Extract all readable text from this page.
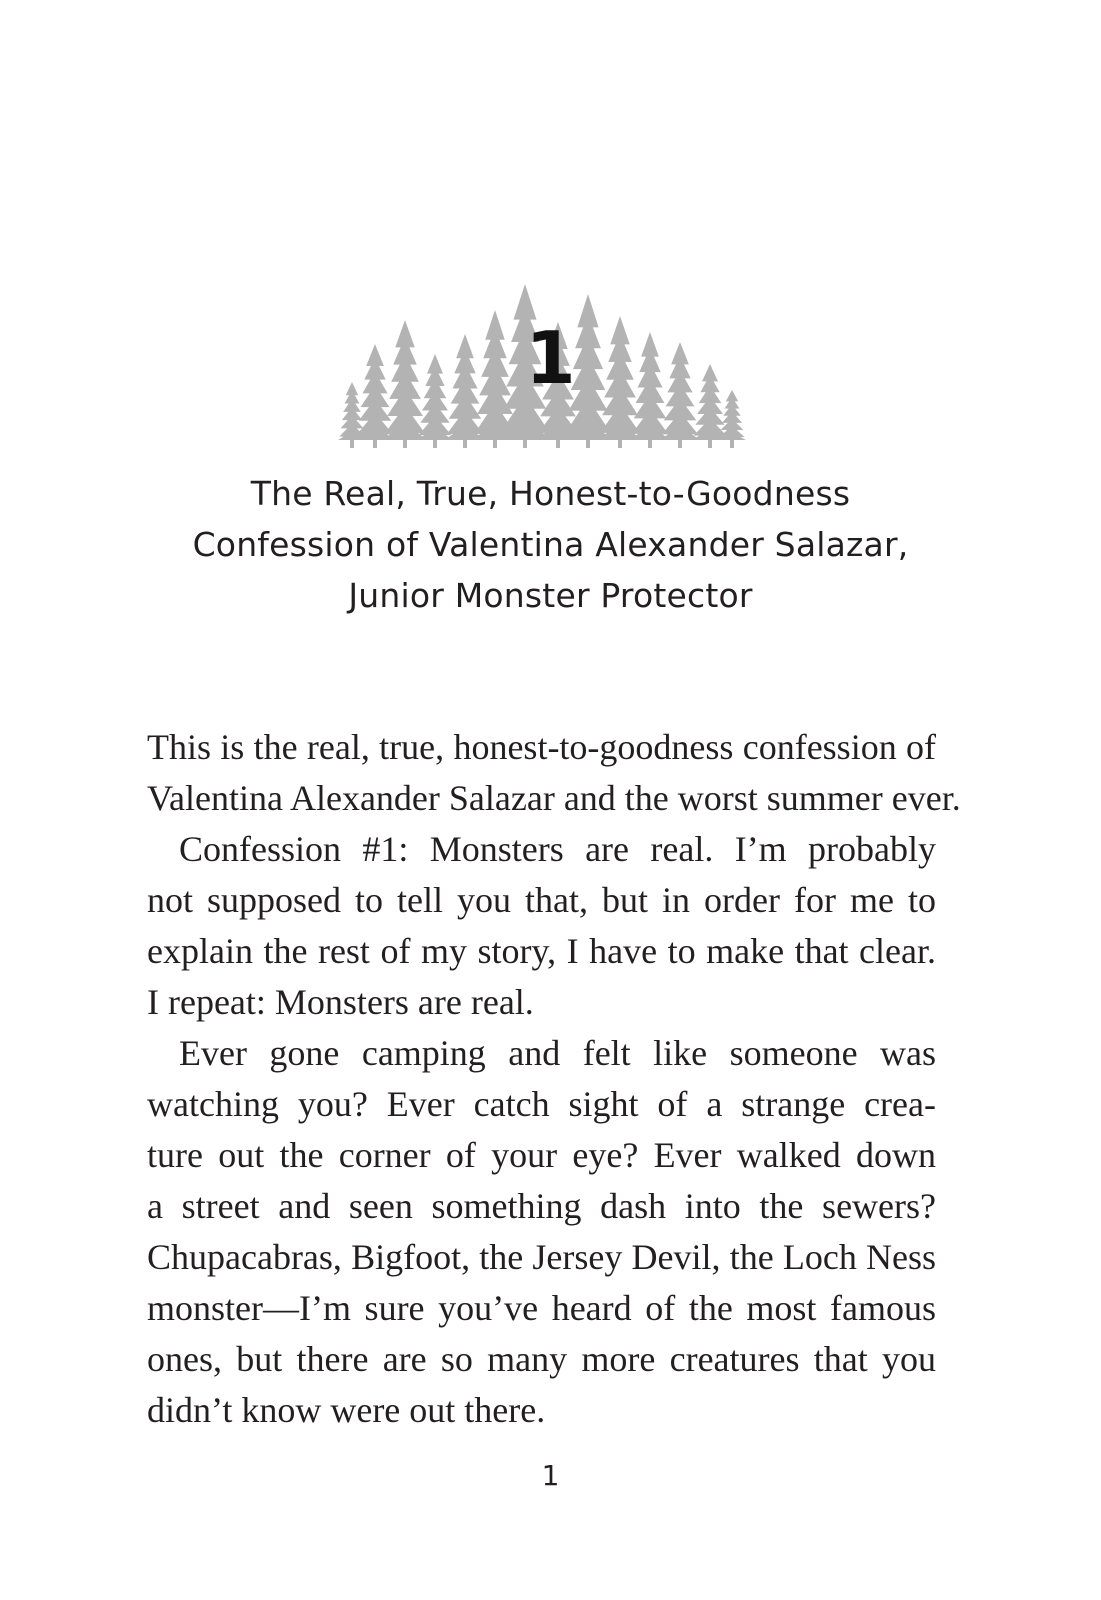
1
The Real, True, Honest-to-Goodness
Confession of Valentina Alexander Salazar,
Junior Monster Protector
This is the real, true, honest-to-goodness confession of
Valentina Alexander Salazar and the worst summer ever.
Confession #1: Monsters are real. I’m probably
not supposed to tell you that, but in order for me to
explain the rest of my story, I have to make that clear.
I repeat: Monsters are real.
Ever gone camping and felt like someone was
watching you? Ever catch sight of a strange crea-
ture out the corner of your eye? Ever walked down
a street and seen something dash into the sewers?
Chupacabras, Bigfoot, the Jersey Devil, the Loch Ness
monster—I’m sure you’ve heard of the most famous
ones, but there are so many more creatures that you
didn’t know were out there.
1
